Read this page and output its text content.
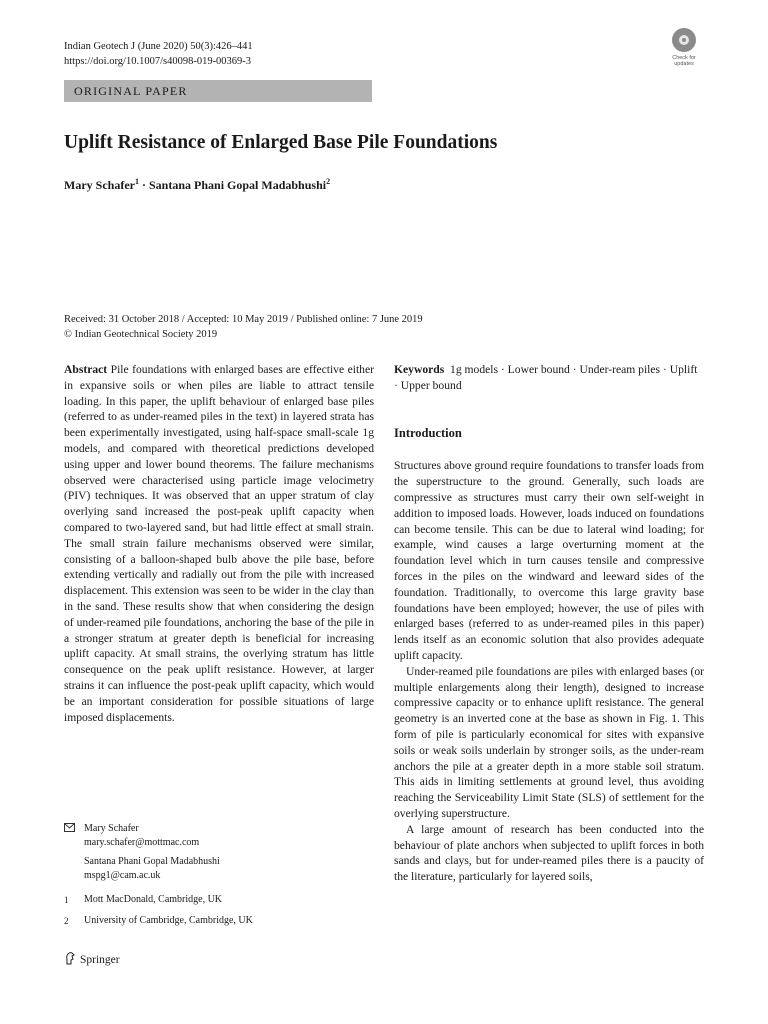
Indian Geotech J (June 2020) 50(3):426–441
https://doi.org/10.1007/s40098-019-00369-3	Check for
updates
ORIGINAL PAPER
Uplift Resistance of Enlarged Base Pile Foundations
Mary Schafer$^1$ · Santana Phani Gopal Madabhushi$^2$
Received: 31 October 2018 / Accepted: 10 May 2019 / Published online: 7 June 2019
© Indian Geotechnical Society 2019

Abstract Pile foundations with enlarged bases are effective either in expansive soils or when piles are liable to attract tensile loading. In this paper, the uplift behaviour of enlarged base piles (referred to as under-reamed piles in the text) in layered strata has been experimentally investigated, using half-space small-scale 1g models, and compared with theoretical predictions developed using upper and lower bound theorems. The failure mechanisms observed were characterised using particle image velocimetry (PIV) techniques. It was observed that an upper stratum of clay overlying sand increased the post-peak uplift capacity when compared to two-layered sand, but had little effect at small strain. The small strain failure mechanisms observed were similar, consisting of a balloon-shaped bulb above the pile base, before extending vertically and radially out from the pile with increased displacement. This extension was seen to be wider in the clay than in the sand. These results show that when considering the design of under-reamed pile foundations, anchoring the base of the pile in a stronger stratum at greater depth is beneficial for increasing uplift capacity. At small strains, the overlying stratum has little consequence on the peak uplift resistance. However, at larger strains it can influence the post-peak uplift capacity, which would be an important consideration for possible situations of large imposed displacements.

Keywords 1g models · Lower bound · Under-ream piles · Uplift · Upper bound

Introduction

Structures above ground require foundations to transfer loads from the superstructure to the ground. Generally, such loads are compressive as structures must carry their own self-weight in addition to imposed loads. However, loads induced on foundations can become tensile. This can be due to lateral wind loading; for example, wind causes a large overturning moment at the foundation level which in turn causes tensile and compressive forces in the piles on the windward and leeward sides of the foundation. Traditionally, to overcome this large gravity base foundations have been employed; however, the use of piles with enlarged bases (referred to as under-reamed piles in this paper) lends itself as an economic solution that also provides adequate uplift capacity.

Under-reamed pile foundations are piles with enlarged bases (or multiple enlargements along their length), designed to increase compressive capacity or to enhance uplift resistance. The general geometry is an inverted cone at the base as shown in Fig. 1. This form of pile is particularly economical for sites with expansive soils or weak soils underlain by stronger soils, as the under-ream anchors the pile at a greater depth in a more stable soil stratum. This aids in limiting settlements at ground level, thus avoiding reaching the Serviceability Limit State (SLS) of settlement for the overlying superstructure.

A large amount of research has been conducted into the behaviour of plate anchors when subjected to uplift forces in both sands and clays, but for under-reamed piles there is a paucity of the literature, particularly for layered soils,

Mary Schafer
mary.schafer@mottmac.com
Santana Phani Gopal Madabhushi
mspg1@cam.ac.uk
1	Mott MacDonald, Cambridge, UK
2	University of Cambridge, Cambridge, UK
Springer
